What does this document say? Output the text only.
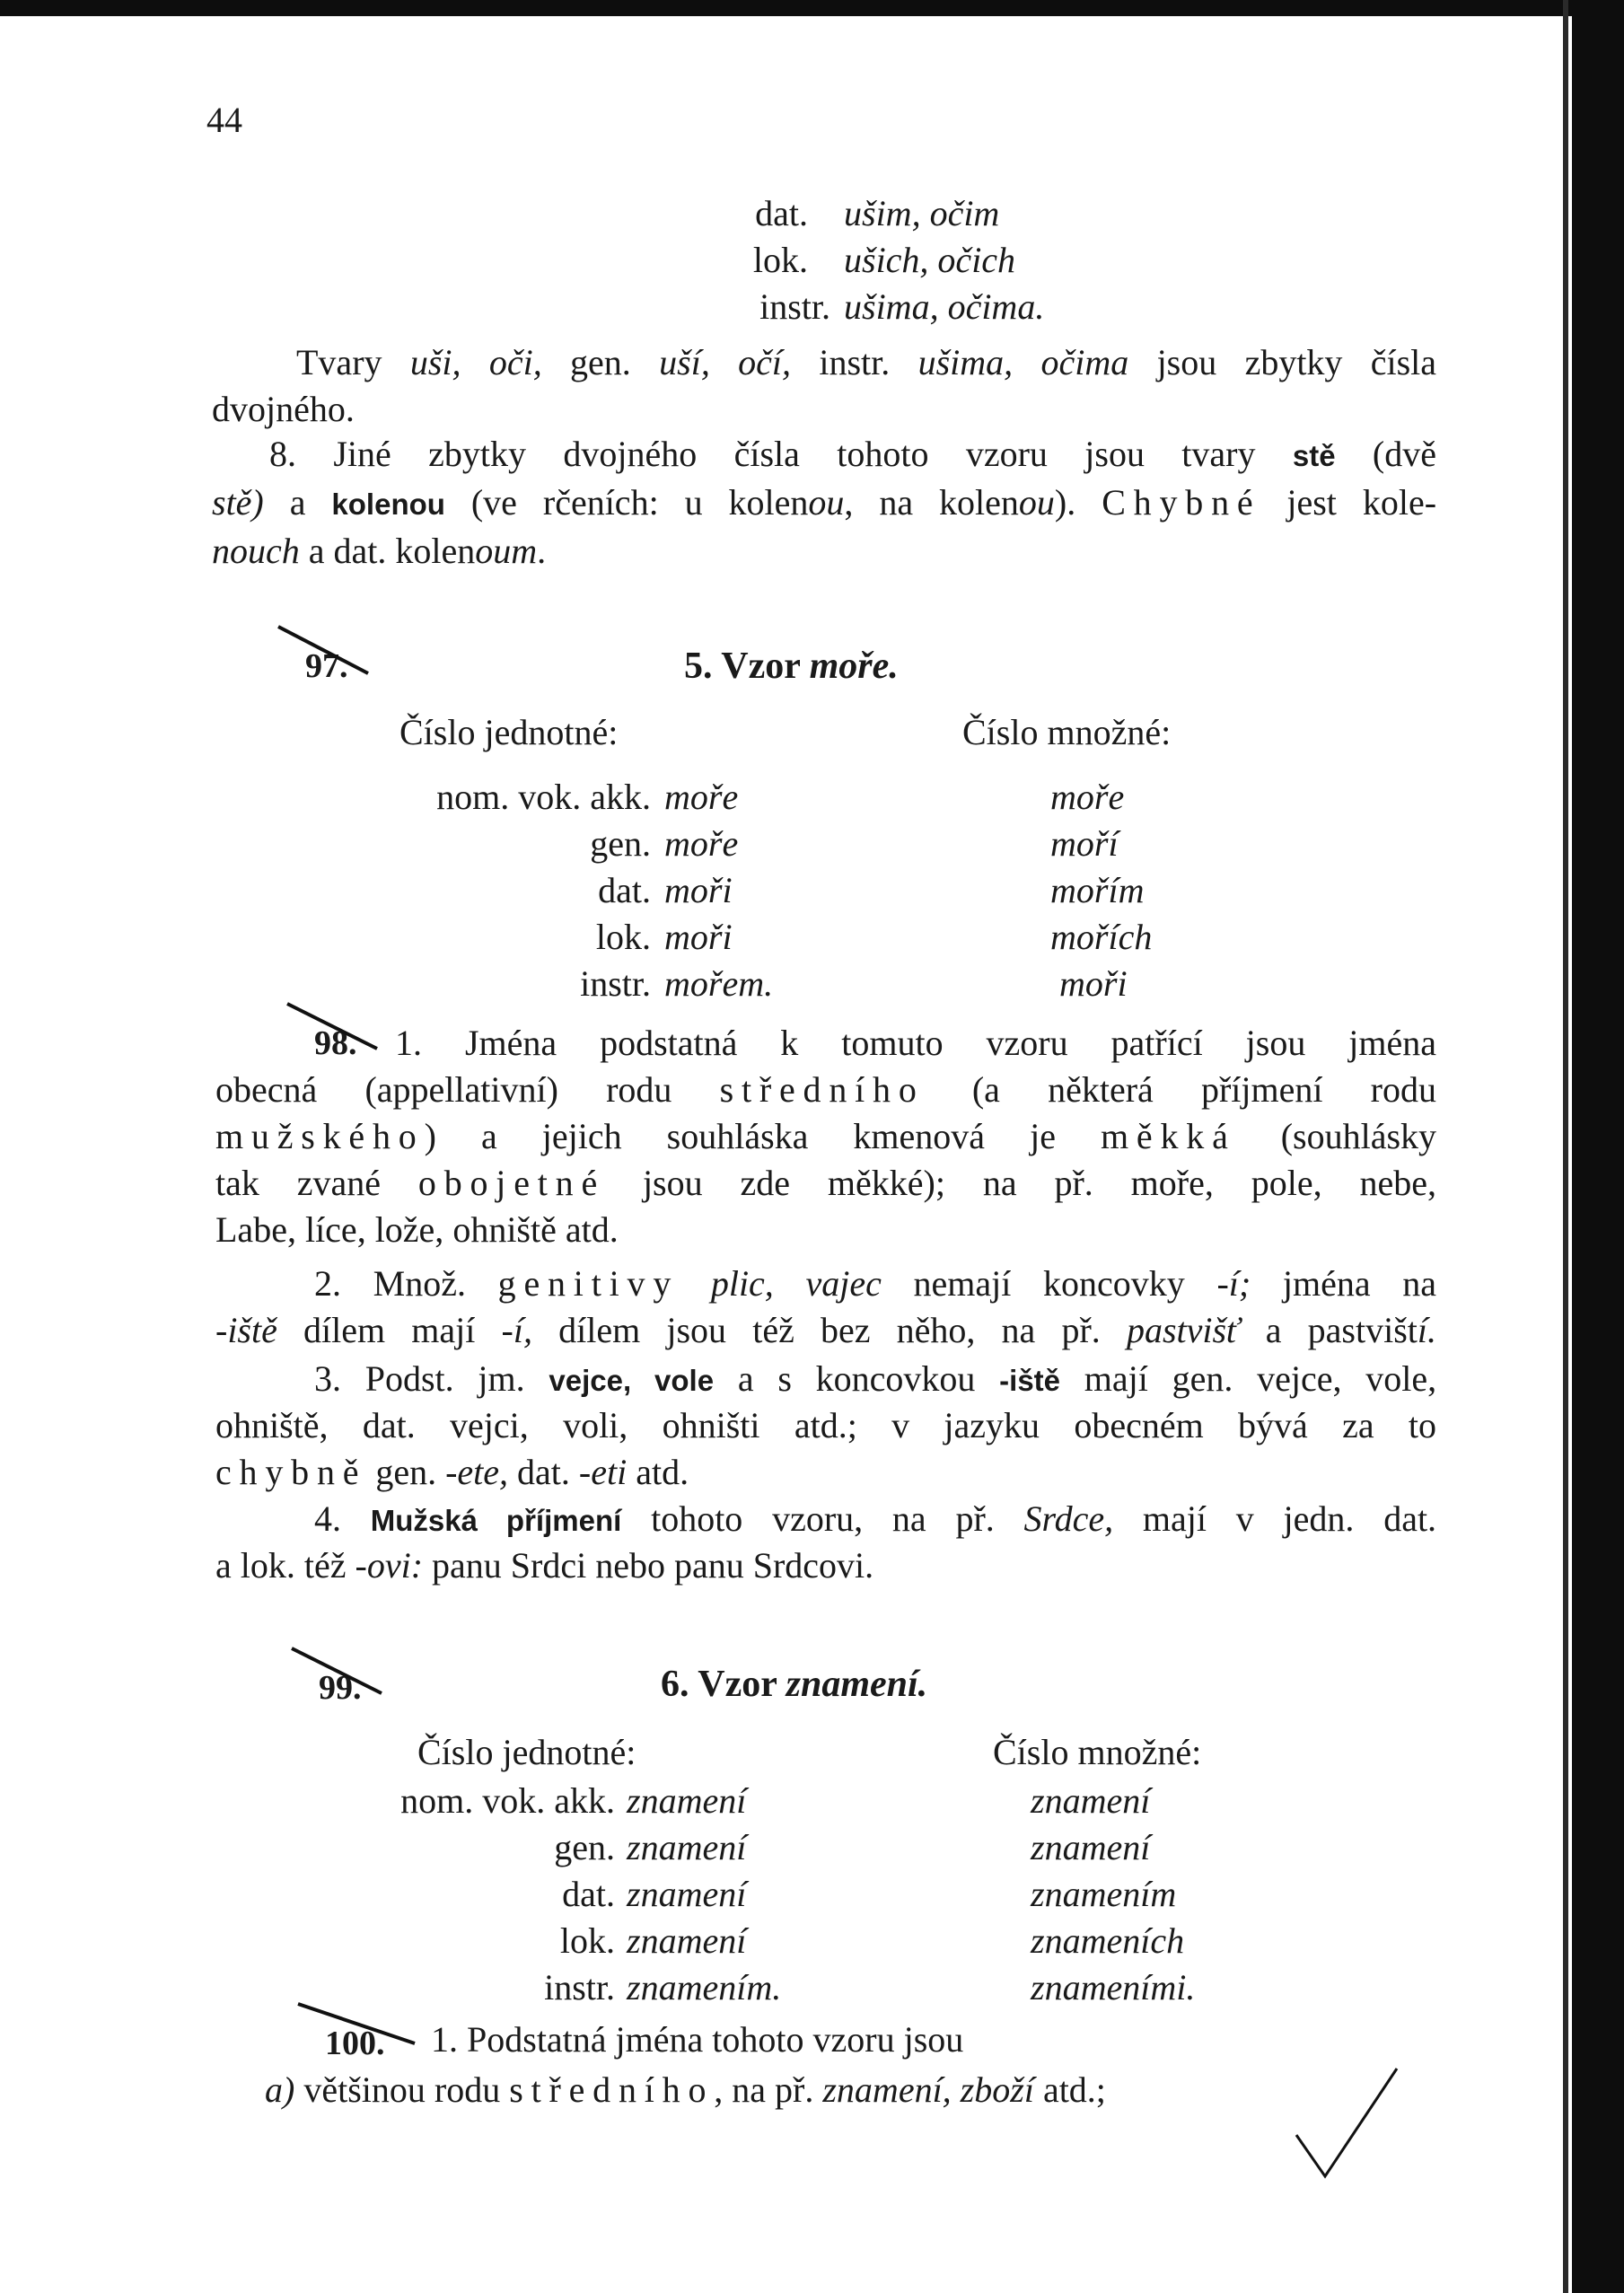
44
dat. ušim, očim
lok. ušich, očich
instr. ušima, očima.
Tvary uši, oči, gen. uší, očí, instr. ušima, očima jsou zbytky čísla
dvojného.
8. Jiné zbytky dvojného čísla tohoto vzoru jsou tvary stě (dvě
stě) a kolenou (ve rčeních: u kolenou, na kolenou). Chybné jest kole-
nouch a dat. kolenoum.
97.	5. Vzor moře.
Číslo jednotné:	Číslo množné:
nom. vok. akk. moře	moře
gen. moře	moří
dat. moři	mořím
lok. moři	mořích
instr. mořem.	moři
98. 1. Jména podstatná k tomuto vzoru patřící jsou jména
obecná (appellativní) rodu středního (a některá příjmení rodu
mužského) a jejich souhláska kmenová je měkká (souhlásky
tak zvané obojetné jsou zde měkké); na př. moře, pole, nebe,
Labe, líce, lože, ohniště atd.
2. Množ. genitivy plic, vajec nemají koncovky -í; jména na
-iště dílem mají -í, dílem jsou též bez něho, na př. pastvišť a pastviští.
3. Podst. jm. vejce, vole a s koncovkou -iště mají gen. vejce, vole,
ohniště, dat. vejci, voli, ohništi atd.; v jazyku obecném bývá za to
chybně gen. -ete, dat. -eti atd.
4. Mužská příjmení tohoto vzoru, na př. Srdce, mají v jedn. dat.
a lok. též -ovi: panu Srdci nebo panu Srdcovi.
99.	6. Vzor znamení.
Číslo jednotné:	Číslo množné:
nom. vok. akk. znamení	znamení
gen. znamení	znamení
dat. znamení	znamením
lok. znamení	znameních
instr. znamením.	znameními.
100. 1. Podstatná jména tohoto vzoru jsou
a) většinou rodu středního, na př. znamení, zboží atd.;
